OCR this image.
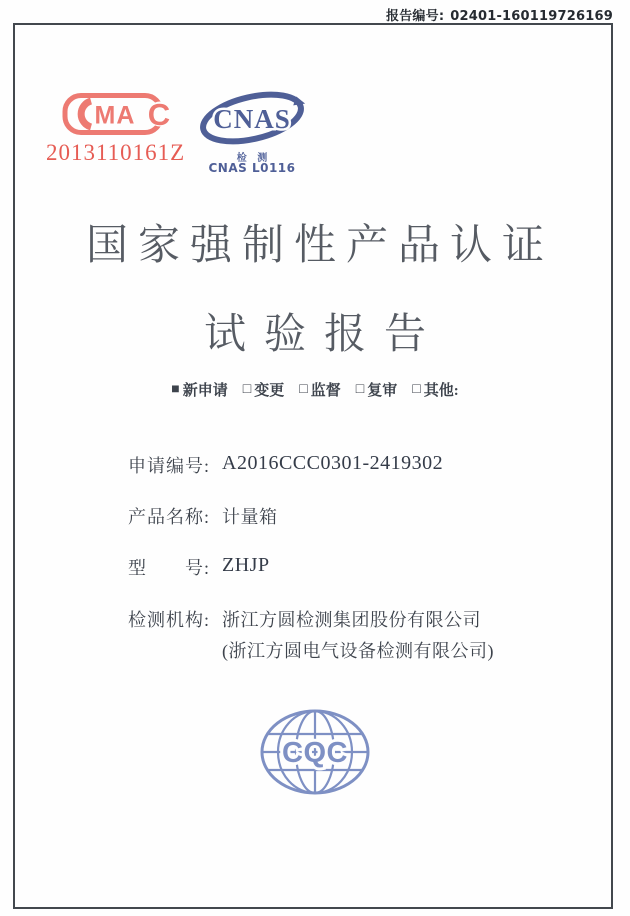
报告编号: 02401-160119726169
MA C
2013110161Z
CNAS
检 测
CNAS L0116
国家强制性产品认证
试验报告
■ 新申请 □ 变更 □ 监督 □ 复审 □ 其他:
申请编号: A2016CCC0301-2419302
产品名称: 计量箱
型　　号: ZHJP
检测机构: 浙江方圆检测集团股份有限公司
(浙江方圆电气设备检测有限公司)
CQC
